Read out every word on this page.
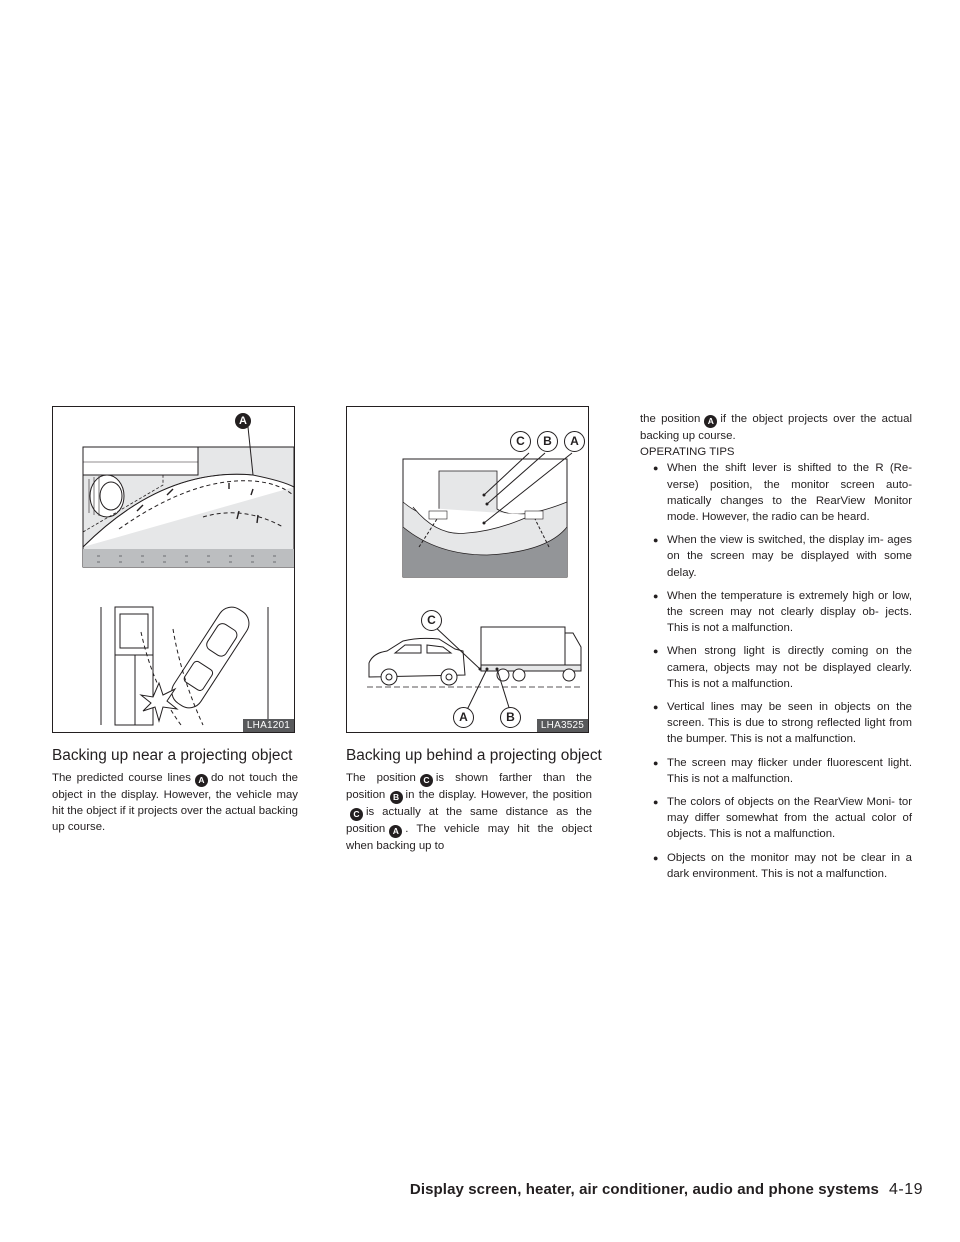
A
LHA1201
C	B	A
C
A	B
LHA3525
Backing up near a projecting object

The predicted course lines A do not touch the object in the display. However, the vehicle may hit the object if it projects over the actual backing up course.

Backing up behind a projecting object

The position C is shown farther than the position B in the display. However, the positionC is actually at the same distance as the position A . The vehicle may hit the object when backing up to

the position A if the object projects over the actual backing up course.

OPERATING TIPS

● When the shift lever is shifted to the R (Re- verse) position, the monitor screen auto- matically changes to the RearView Monitor mode. However, the radio can be heard.
● When the view is switched, the display im- ages on the screen may be displayed with some delay.
● When the temperature is extremely high or low, the screen may not clearly display ob- jects. This is not a malfunction.
● When strong light is directly coming on the camera, objects may not be displayed clearly. This is not a malfunction.
● Vertical lines may be seen in objects on the screen. This is due to strong reflected light from the bumper. This is not a malfunction.
● The screen may flicker under fluorescent light. This is not a malfunction.
● The colors of objects on the RearView Moni- tor may differ somewhat from the actual color of objects. This is not a malfunction.
● Objects on the monitor may not be clear in a dark environment. This is not a malfunction.
Display screen, heater, air conditioner, audio and phone systems 4-19
